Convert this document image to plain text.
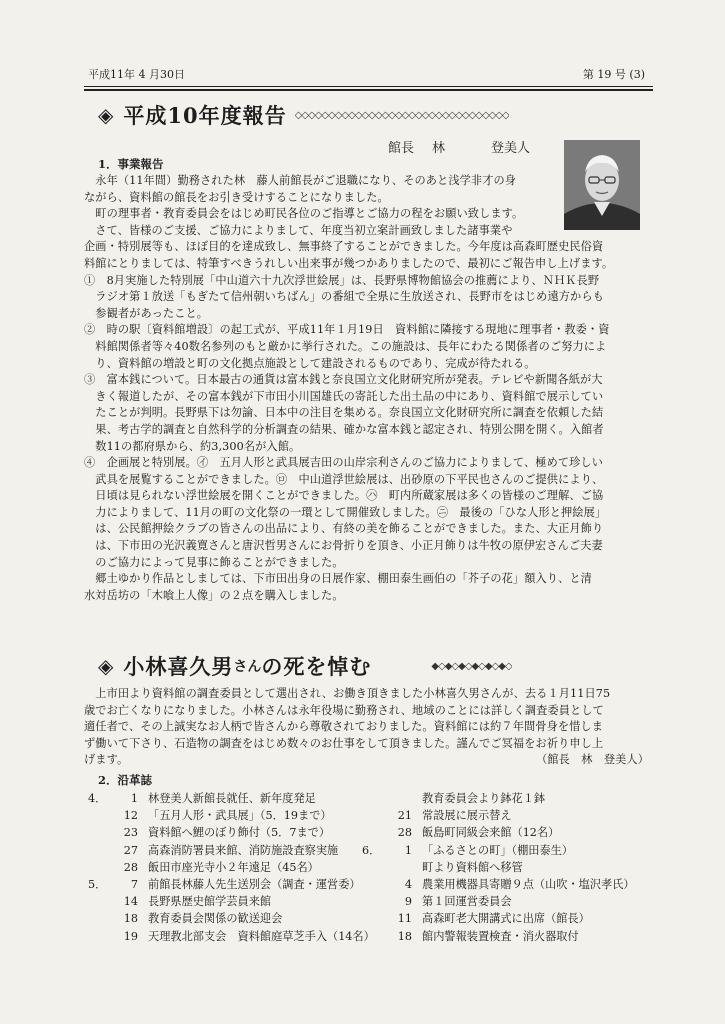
平成11年 4 月30日	第 19 号 (3)
◈ 平成10年度報告 ◇◇◇◇◇◇◇◇◇◇◇◇◇◇◇◇◇◇◇◇◇◇◇◇◇◇◇◇◇◇◇◇
館長 林	登美人
1．事業報告
　永年（11年間）勤務された林　藤人前館長がご退職になり、そのあと浅学非才の身
ながら、資料館の館長をお引き受けすることになりました。
　町の理事者・教育委員会をはじめ町民各位のご指導とご協力の程をお願い致します。
　さて、皆様のご支援、ご協力によりまして、年度当初立案計画致しました諸事業や
企画・特別展等も、ほぼ目的を達成致し、無事終了することができました。今年度は高森町歴史民俗資
料館にとりましては、特筆すべきうれしい出来事が幾つかありましたので、最初にご報告申し上げます。
①　8月実施した特別展「中山道六十九次浮世絵展」は、長野県博物館協会の推薦により、ＮＨＫ長野
　ラジオ第１放送「もぎたて信州朝いちばん」の番組で全県に生放送され、長野市をはじめ遠方からも
　参観者があったこと。
②　時の駅〔資料館増設〕の起工式が、平成11年１月19日　資料館に隣接する現地に理事者・教委・資
　料館関係者等々40数名参列のもと厳かに挙行された。この施設は、長年にわたる関係者のご努力によ
　り、資料館の増設と町の文化拠点施設として建設されるものであり、完成が待たれる。
③　富本銭について。日本最古の通貨は富本銭と奈良国立文化財研究所が発表。テレビや新聞各紙が大
　きく報道したが、その富本銭が下市田小川国雄氏の寄託した出土品の中にあり、資料館で展示してい
　たことが判明。長野県下は勿論、日本中の注目を集める。奈良国立文化財研究所に調査を依頼した結
　果、考古学的調査と自然科学的分析調査の結果、確かな富本銭と認定され、特別公開を開く。入館者
　数11の都府県から、約3,300名が入館。
④　企画展と特別展。㋑　五月人形と武具展吉田の山岸宗利さんのご協力によりまして、極めて珍しい
　武具を展覧することができました。㋺　中山道浮世絵展は、出砂原の下平民也さんのご提供により、
　日頃は見られない浮世絵展を開くことができました。㋩　町内所蔵家展は多くの皆様のご理解、ご協
　力によりまして、11月の町の文化祭の一環として開催致しました。㋥　最後の「ひな人形と押絵展」
　は、公民館押絵クラブの皆さんの出品により、有終の美を飾ることができました。また、大正月飾り
　は、下市田の光沢義寛さんと唐沢哲男さんにお骨折りを頂き、小正月飾りは牛牧の原伊宏さんご夫妻
　のご協力によって見事に飾ることができました。
　郷土ゆかり作品としましては、下市田出身の日展作家、棚田泰生画伯の「芥子の花」額入り、と清
水対岳坊の「木喰上人像」の２点を購入しました。
◈ 小林喜久男 さん の死を悼む	◆◇◆◇◆◇◆◇◆◇◆◇
　上市田より資料館の調査委員として選出され、お働き頂きました小林喜久男さんが、去る１月11日75
歳でお亡くなりになりました。小林さんは永年役場に勤務され、地域のことには詳しく調査委員として
適任者で、その上誠実なお人柄で皆さんから尊敬されておりました。資料館には約７年間骨身を惜しま
ず働いて下さり、石造物の調査をはじめ数々のお仕事をして頂きました。謹んでご冥福をお祈り申し上
げます。	（館長　林　登美人）
2．沿革誌
4．	1 林登美人新館長就任、新年度発足
12 「五月人形・武具展」（5．19まで）
23 資料館へ鯉のぼり飾付（5．7まで）
27 高森消防署員来館、消防施設査察実施
28 飯田市座光寺小２年遠足（45名）
5．	7 前館長林藤人先生送別会（調査・運営委）
14 長野県歴史館学芸員来館
18 教育委員会関係の歓送迎会
19 天理教北部支会　資料館庭草芝手入（14名）
教育委員会より鉢花１鉢
21 常設展に展示替え
28 飯島町同級会来館（12名）
6．	1 「ふるさとの町」（棚田泰生）
町より資料館へ移管
4 農業用機器具寄贈９点（山吹・塩沢孝氏）
9 第１回運営委員会
11 高森町老大開講式に出席（館長）
18 館内警報装置検査・消火器取付
